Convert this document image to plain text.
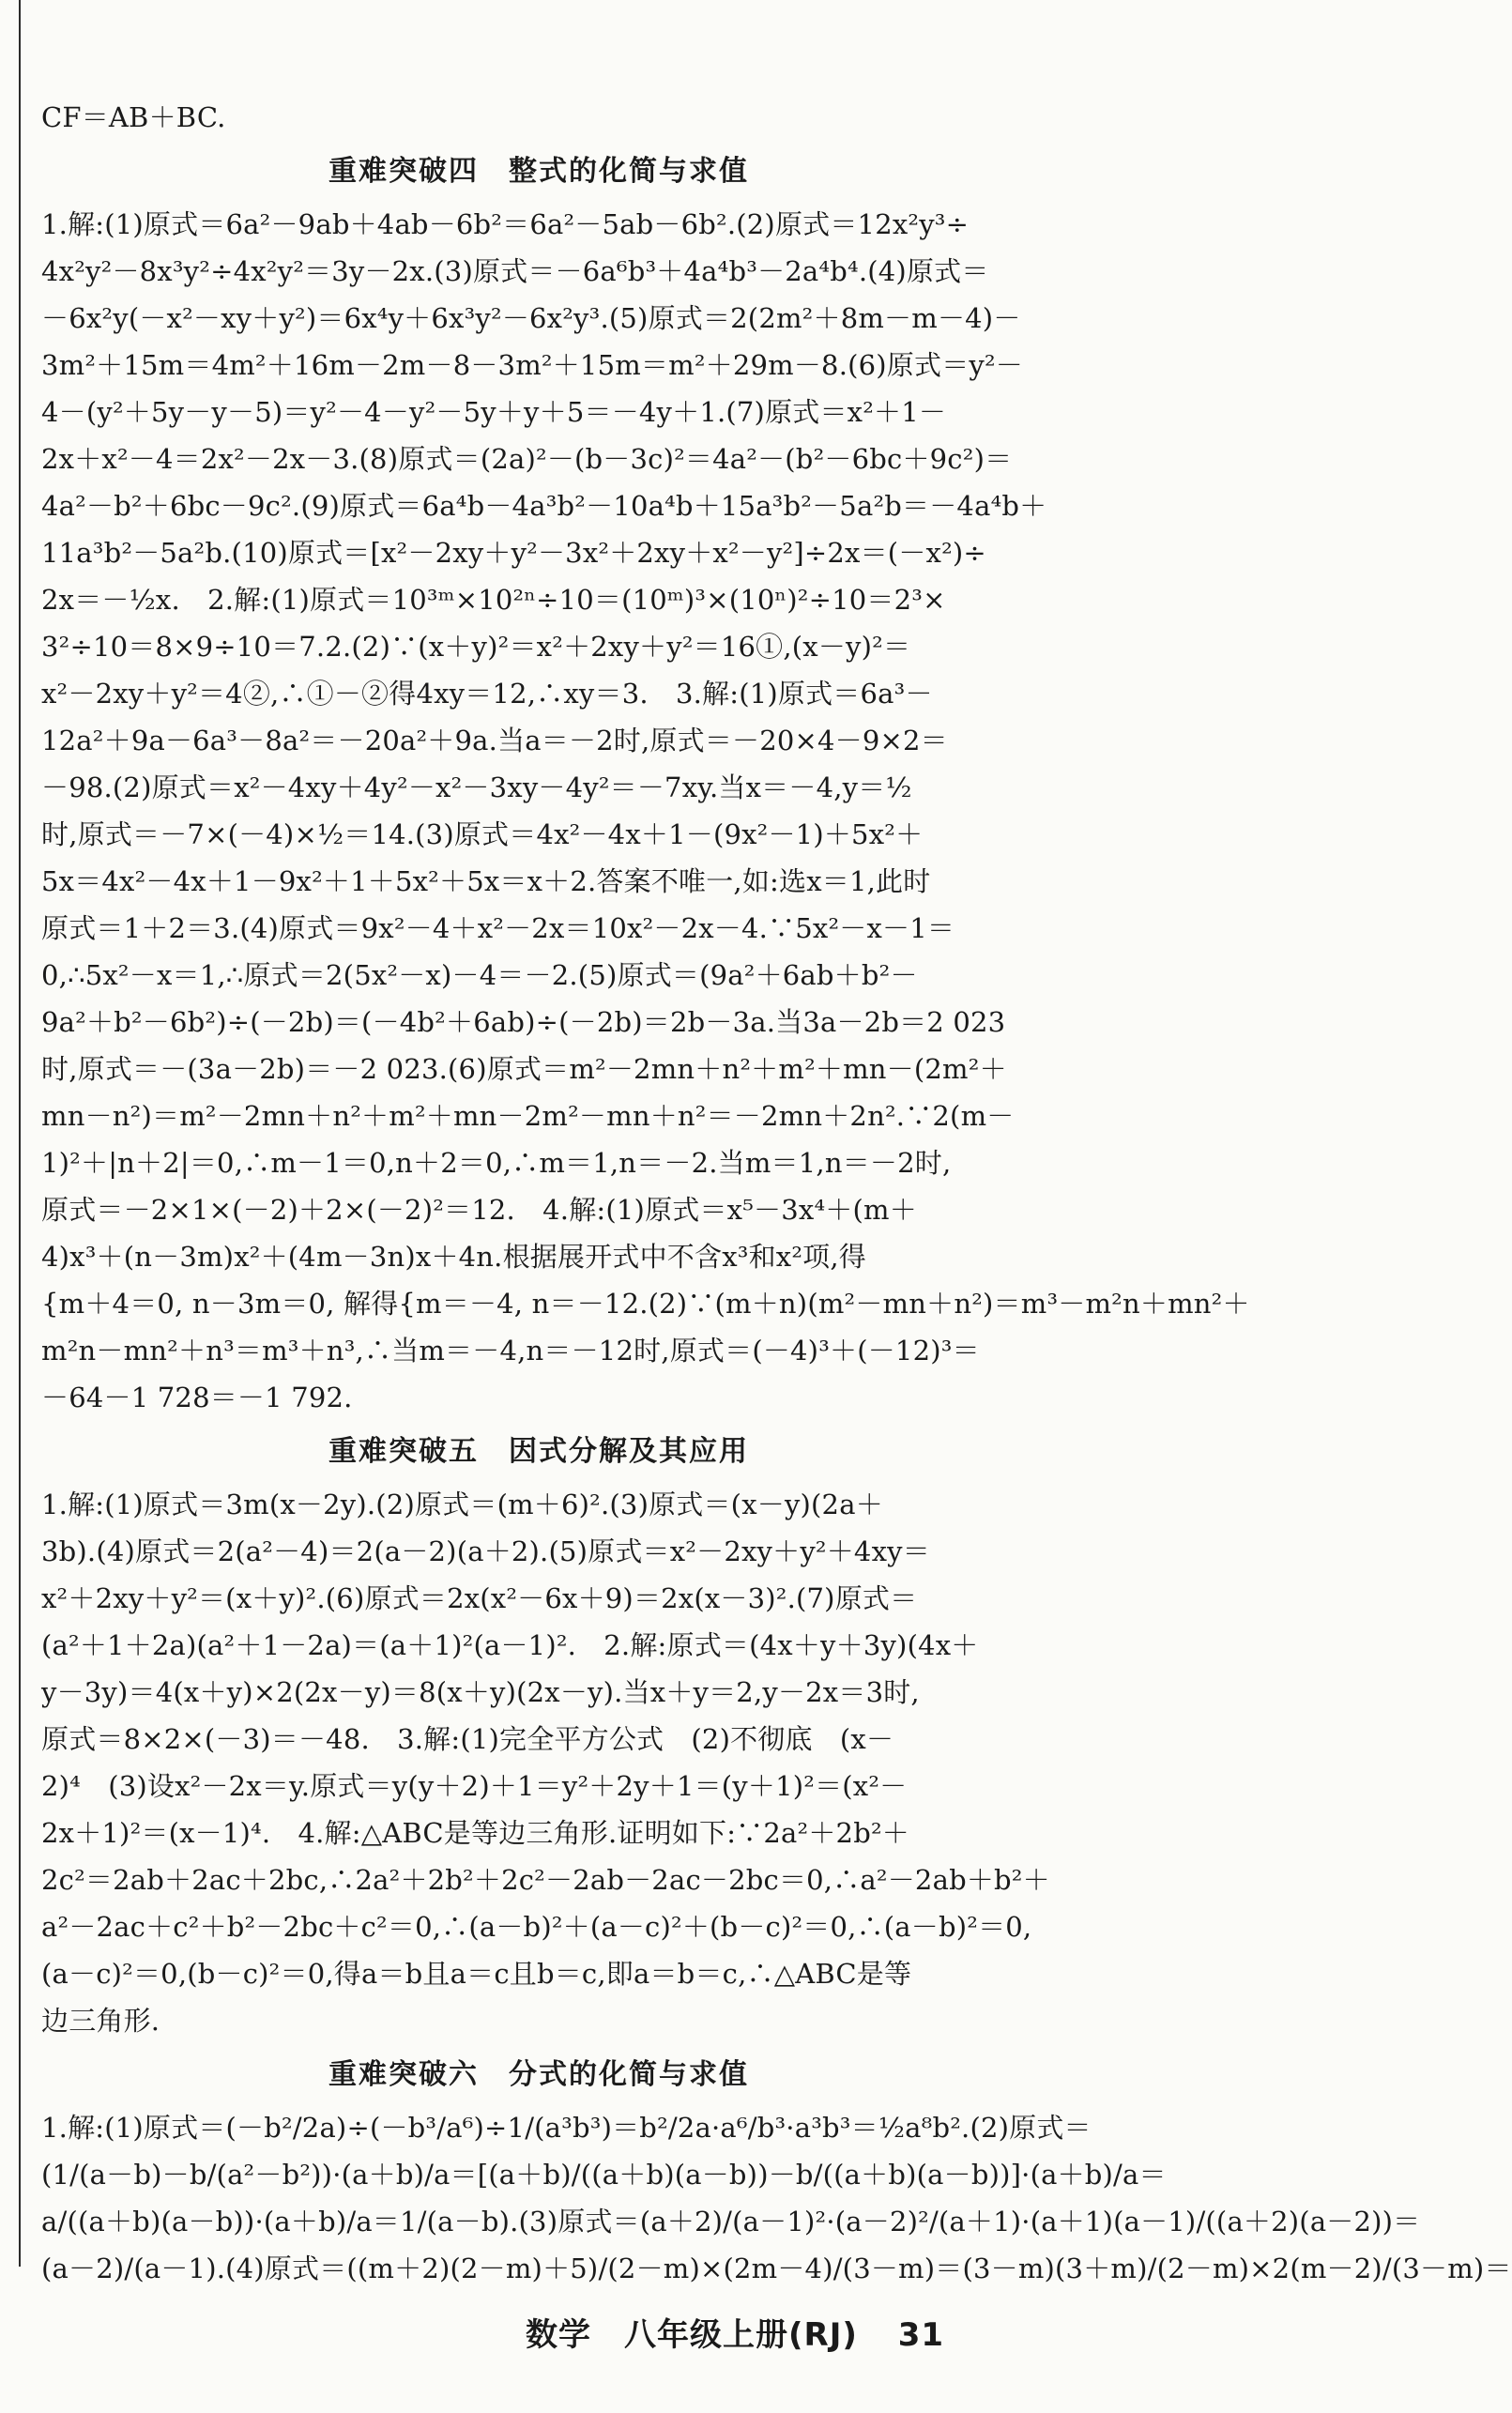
CF＝AB＋BC.
重难突破四　整式的化简与求值
1.解:(1)原式＝6a²－9ab＋4ab－6b²＝6a²－5ab－6b².(2)原式＝12x²y³÷
4x²y²－8x³y²÷4x²y²＝3y－2x.(3)原式＝－6a⁶b³＋4a⁴b³－2a⁴b⁴.(4)原式＝
－6x²y(－x²－xy＋y²)＝6x⁴y＋6x³y²－6x²y³.(5)原式＝2(2m²＋8m－m－4)－
3m²＋15m＝4m²＋16m－2m－8－3m²＋15m＝m²＋29m－8.(6)原式＝y²－
4－(y²＋5y－y－5)＝y²－4－y²－5y＋y＋5＝－4y＋1.(7)原式＝x²＋1－
2x＋x²－4＝2x²－2x－3.(8)原式＝(2a)²－(b－3c)²＝4a²－(b²－6bc＋9c²)＝
4a²－b²＋6bc－9c².(9)原式＝6a⁴b－4a³b²－10a⁴b＋15a³b²－5a²b＝－4a⁴b＋
11a³b²－5a²b.(10)原式＝[x²－2xy＋y²－3x²＋2xy＋x²－y²]÷2x＝(－x²)÷
2x＝－½x.　2.解:(1)原式＝10³ᵐ×10²ⁿ÷10＝(10ᵐ)³×(10ⁿ)²÷10＝2³×
3²÷10＝8×9÷10＝7.2.(2)∵(x＋y)²＝x²＋2xy＋y²＝16①,(x－y)²＝
x²－2xy＋y²＝4②,∴①－②得4xy＝12,∴xy＝3.　3.解:(1)原式＝6a³－
12a²＋9a－6a³－8a²＝－20a²＋9a.当a＝－2时,原式＝－20×4－9×2＝
－98.(2)原式＝x²－4xy＋4y²－x²－3xy－4y²＝－7xy.当x＝－4,y＝½
时,原式＝－7×(－4)×½＝14.(3)原式＝4x²－4x＋1－(9x²－1)＋5x²＋
5x＝4x²－4x＋1－9x²＋1＋5x²＋5x＝x＋2.答案不唯一,如:选x＝1,此时
原式＝1＋2＝3.(4)原式＝9x²－4＋x²－2x＝10x²－2x－4.∵5x²－x－1＝
0,∴5x²－x＝1,∴原式＝2(5x²－x)－4＝－2.(5)原式＝(9a²＋6ab＋b²－
9a²＋b²－6b²)÷(－2b)＝(－4b²＋6ab)÷(－2b)＝2b－3a.当3a－2b＝2 023
时,原式＝－(3a－2b)＝－2 023.(6)原式＝m²－2mn＋n²＋m²＋mn－(2m²＋
mn－n²)＝m²－2mn＋n²＋m²＋mn－2m²－mn＋n²＝－2mn＋2n².∵2(m－
1)²＋|n＋2|＝0,∴m－1＝0,n＋2＝0,∴m＝1,n＝－2.当m＝1,n＝－2时,
原式＝－2×1×(－2)＋2×(－2)²＝12.　4.解:(1)原式＝x⁵－3x⁴＋(m＋
4)x³＋(n－3m)x²＋(4m－3n)x＋4n.根据展开式中不含x³和x²项,得
{m＋4＝0, n－3m＝0, 解得{m＝－4, n＝－12.(2)∵(m＋n)(m²－mn＋n²)＝m³－m²n＋mn²＋
m²n－mn²＋n³＝m³＋n³,∴当m＝－4,n＝－12时,原式＝(－4)³＋(－12)³＝
－64－1 728＝－1 792.
重难突破五　因式分解及其应用
1.解:(1)原式＝3m(x－2y).(2)原式＝(m＋6)².(3)原式＝(x－y)(2a＋
3b).(4)原式＝2(a²－4)＝2(a－2)(a＋2).(5)原式＝x²－2xy＋y²＋4xy＝
x²＋2xy＋y²＝(x＋y)².(6)原式＝2x(x²－6x＋9)＝2x(x－3)².(7)原式＝
(a²＋1＋2a)(a²＋1－2a)＝(a＋1)²(a－1)².　2.解:原式＝(4x＋y＋3y)(4x＋
y－3y)＝4(x＋y)×2(2x－y)＝8(x＋y)(2x－y).当x＋y＝2,y－2x＝3时,
原式＝8×2×(－3)＝－48.　3.解:(1)完全平方公式　(2)不彻底　(x－
2)⁴　(3)设x²－2x＝y.原式＝y(y＋2)＋1＝y²＋2y＋1＝(y＋1)²＝(x²－
2x＋1)²＝(x－1)⁴.　4.解:△ABC是等边三角形.证明如下:∵2a²＋2b²＋
2c²＝2ab＋2ac＋2bc,∴2a²＋2b²＋2c²－2ab－2ac－2bc＝0,∴a²－2ab＋b²＋
a²－2ac＋c²＋b²－2bc＋c²＝0,∴(a－b)²＋(a－c)²＋(b－c)²＝0,∴(a－b)²＝0,
(a－c)²＝0,(b－c)²＝0,得a＝b且a＝c且b＝c,即a＝b＝c,∴△ABC是等
边三角形.
重难突破六　分式的化简与求值
1.解:(1)原式＝(－b²/2a)÷(－b³/a⁶)÷1/(a³b³)＝b²/2a·a⁶/b³·a³b³＝½a⁸b².(2)原式＝
(1/(a－b)－b/(a²－b²))·(a＋b)/a＝[(a＋b)/((a＋b)(a－b))－b/((a＋b)(a－b))]·(a＋b)/a＝
a/((a＋b)(a－b))·(a＋b)/a＝1/(a－b).(3)原式＝(a＋2)/(a－1)²·(a－2)²/(a＋1)·(a＋1)(a－1)/((a＋2)(a－2))＝
(a－2)/(a－1).(4)原式＝((m＋2)(2－m)＋5)/(2－m)×(2m－4)/(3－m)＝(3－m)(3＋m)/(2－m)×2(m－2)/(3－m)＝
数学　八年级上册(RJ) 31
